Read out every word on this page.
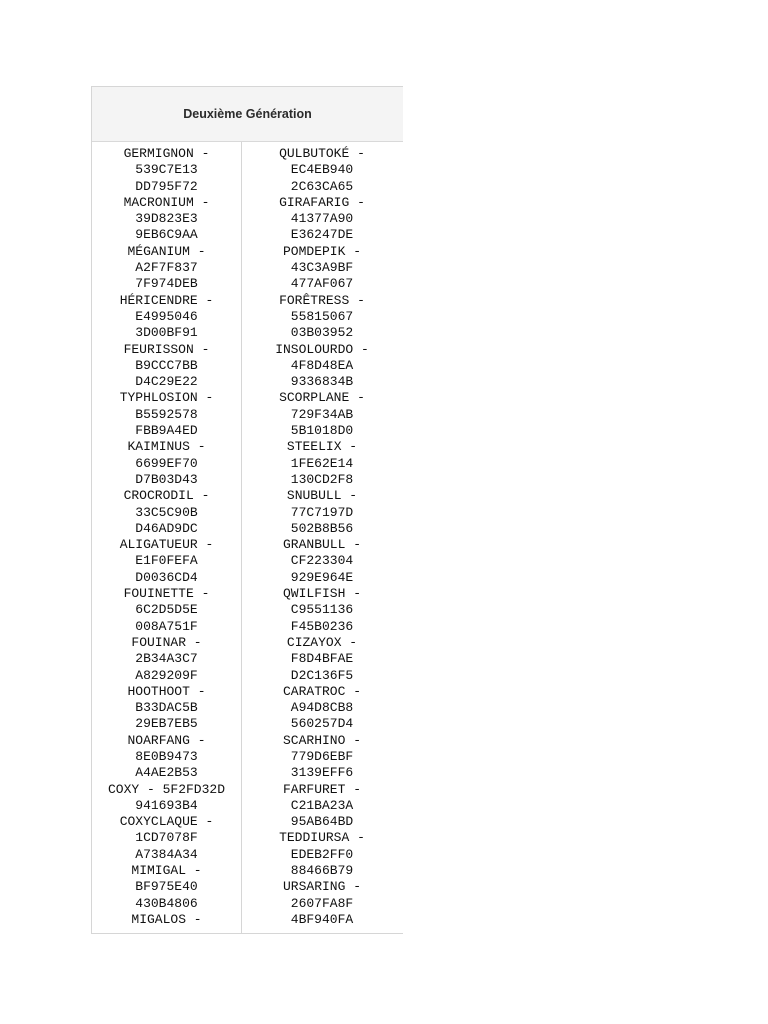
Deuxième Génération
GERMIGNON -
539C7E13
DD795F72
MACRONIUM -
39D823E3
9EB6C9AA
MÉGANIUM -
A2F7F837
7F974DEB
HÉRICENDRE -
E4995046
3D00BF91
FEURISSON -
B9CCC7BB
D4C29E22
TYPHLOSION -
B5592578
FBB9A4ED
KAIMINUS -
6699EF70
D7B03D43
CROCRODIL -
33C5C90B
D46AD9DC
ALIGATUEUR -
E1F0FEFA
D0036CD4
FOUINETTE -
6C2D5D5E
008A751F
FOUINAR -
2B34A3C7
A829209F
HOOTHOOT -
B33DAC5B
29EB7EB5
NOARFANG -
8E0B9473
A4AE2B53
COXY - 5F2FD32D
941693B4
COXYCLAQUE -
1CD7078F
A7384A34
MIMIGAL -
BF975E40
430B4806
MIGALOS -
QULBUTOKÉ -
EC4EB940
2C63CA65
GIRAFARIG -
41377A90
E36247DE
POMDEPIK -
43C3A9BF
477AF067
FORÊTRESS -
55815067
03B03952
INSOLOURDO -
4F8D48EA
9336834B
SCORPLANE -
729F34AB
5B1018D0
STEELIX -
1FE62E14
130CD2F8
SNUBULL -
77C7197D
502B8B56
GRANBULL -
CF223304
929E964E
QWILFISH -
C9551136
F45B0236
CIZAYOX -
F8D4BFAE
D2C136F5
CARATROC -
A94D8CB8
560257D4
SCARHINO -
779D6EBF
3139EFF6
FARFURET -
C21BA23A
95AB64BD
TEDDIURSA -
EDEB2FF0
88466B79
URSARING -
2607FA8F
4BF940FA
